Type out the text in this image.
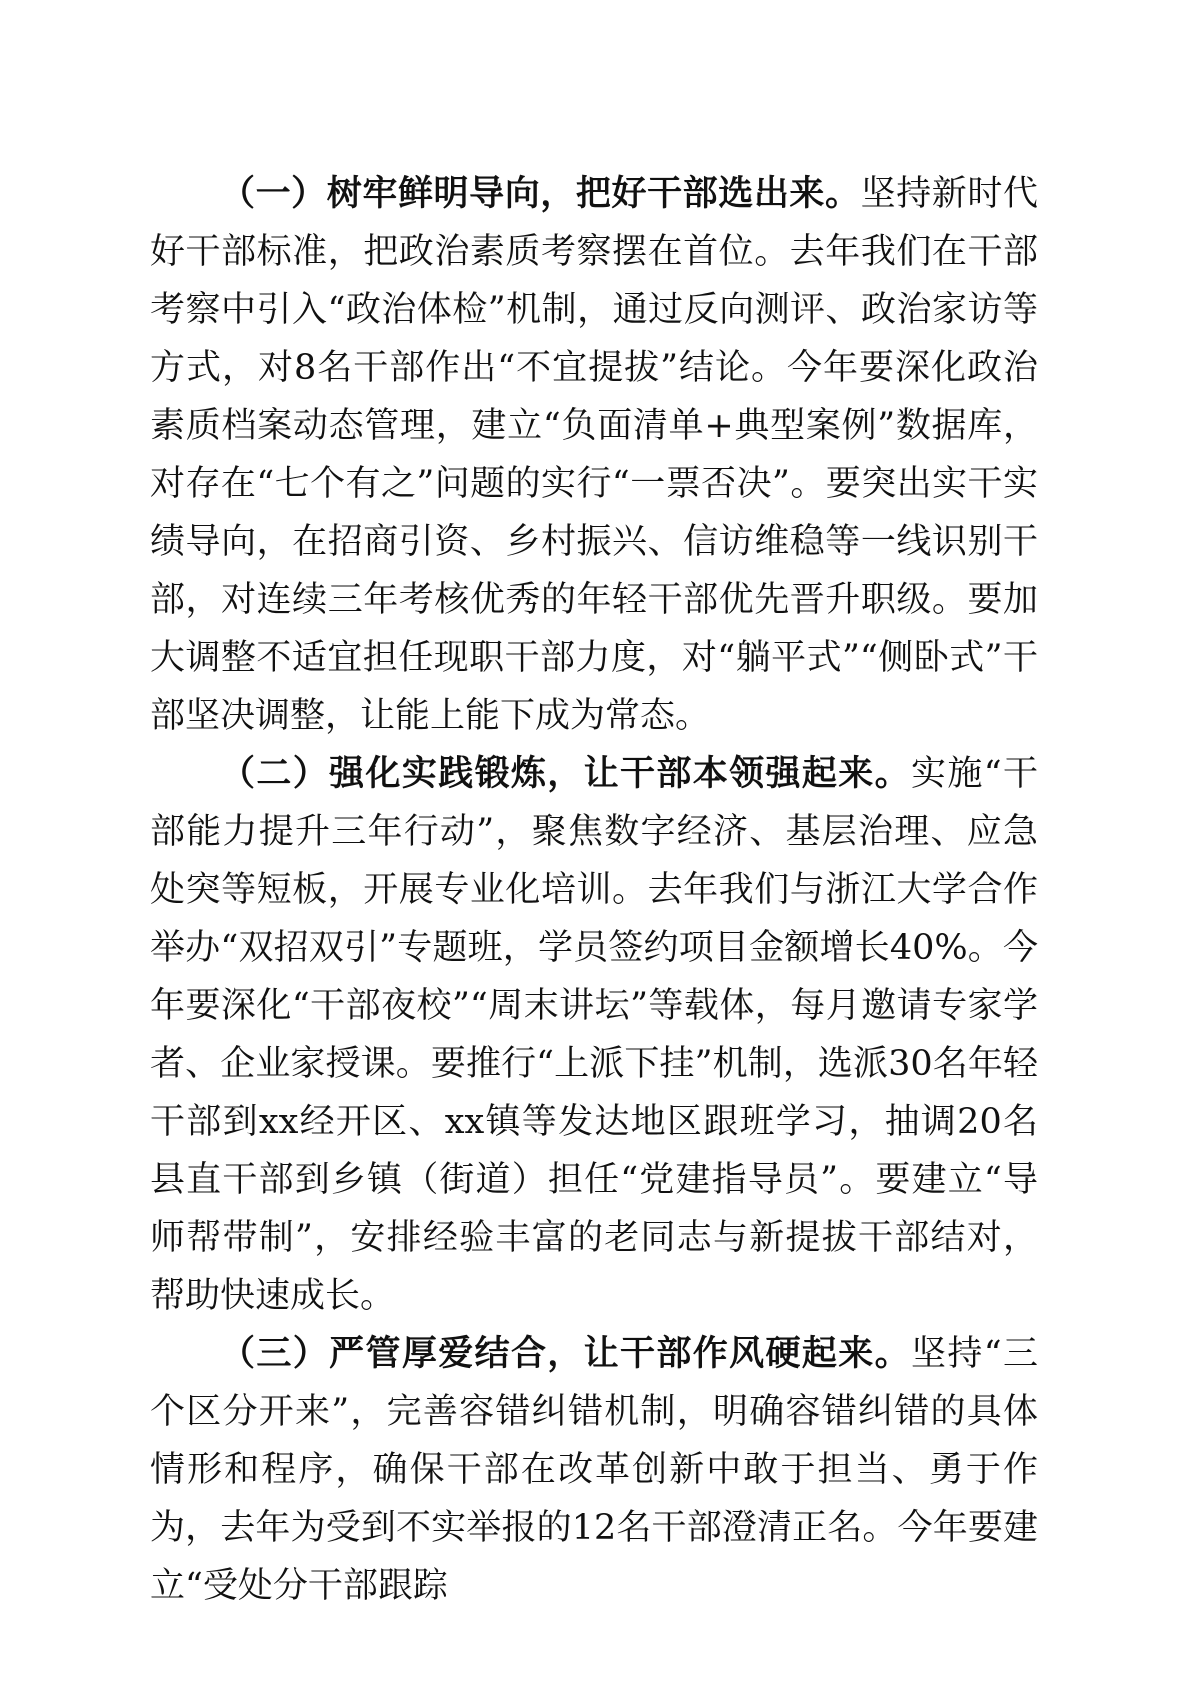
（一）树牢鲜明导向，把好干部选出来。坚持新时代好干部标准，把政治素质考察摆在首位。去年我们在干部考察中引入“政治体检”机制，通过反向测评、政治家访等方式，对8名干部作出“不宜提拔”结论。今年要深化政治素质档案动态管理，建立“负面清单+典型案例”数据库，对存在“七个有之”问题的实行“一票否决”。要突出实干实绩导向，在招商引资、乡村振兴、信访维稳等一线识别干部，对连续三年考核优秀的年轻干部优先晋升职级。要加大调整不适宜担任现职干部力度，对“躺平式”“侧卧式”干部坚决调整，让能上能下成为常态。

（二）强化实践锻炼，让干部本领强起来。实施“干部能力提升三年行动”，聚焦数字经济、基层治理、应急处突等短板，开展专业化培训。去年我们与浙江大学合作举办“双招双引”专题班，学员签约项目金额增长40%。今年要深化“干部夜校”“周末讲坛”等载体，每月邀请专家学者、企业家授课。要推行“上派下挂”机制，选派30名年轻干部到xx经开区、xx镇等发达地区跟班学习，抽调20名县直干部到乡镇（街道）担任“党建指导员”。要建立“导师帮带制”，安排经验丰富的老同志与新提拔干部结对，帮助快速成长。

（三）严管厚爱结合，让干部作风硬起来。坚持“三个区分开来”，完善容错纠错机制，明确容错纠错的具体情形和程序，确保干部在改革创新中敢于担当、勇于作为，去年为受到不实举报的12名干部澄清正名。今年要建立“受处分干部跟踪
